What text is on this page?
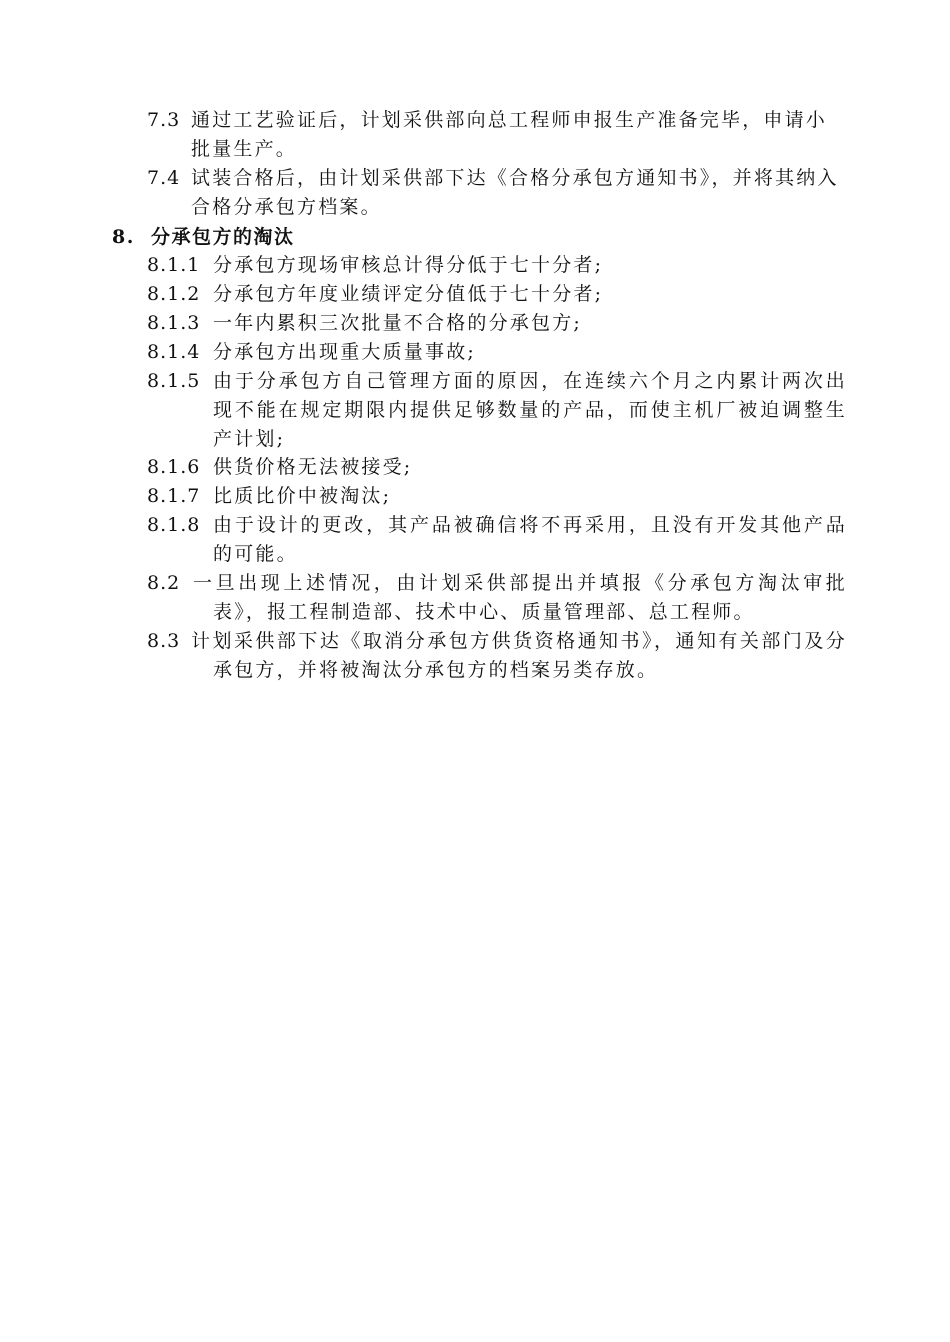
7.3 通过工艺验证后，计划采供部向总工程师申报生产准备完毕，申请小批量生产。
7.4 试装合格后，由计划采供部下达《合格分承包方通知书》，并将其纳入合格分承包方档案。
8. 分承包方的淘汰
8.1.1 分承包方现场审核总计得分低于七十分者;
8.1.2 分承包方年度业绩评定分值低于七十分者;
8.1.3 一年内累积三次批量不合格的分承包方;
8.1.4 分承包方出现重大质量事故;
8.1.5 由于分承包方自己管理方面的原因，在连续六个月之内累计两次出现不能在规定期限内提供足够数量的产品，而使主机厂被迫调整生产计划;
8.1.6 供货价格无法被接受;
8.1.7 比质比价中被淘汰;
8.1.8 由于设计的更改，其产品被确信将不再采用，且没有开发其他产品的可能。
8.2 一旦出现上述情况，由计划采供部提出并填报《分承包方淘汰审批表》，报工程制造部、技术中心、质量管理部、总工程师。
8.3 计划采供部下达《取消分承包方供货资格通知书》，通知有关部门及分承包方，并将被淘汰分承包方的档案另类存放。
